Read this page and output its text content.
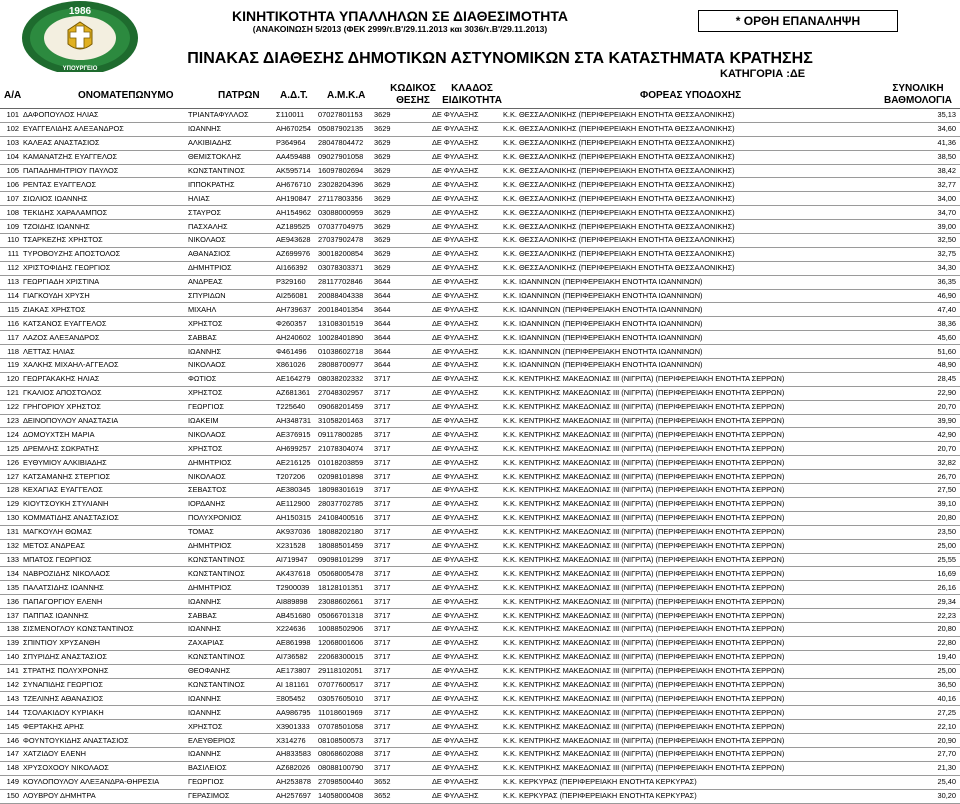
1986
ΥΠΟΥΡΓΕΙΟ
ΚΙΝΗΤΙΚΟΤΗΤΑ ΥΠΑΛΛΗΛΩΝ ΣΕ ΔΙΑΘΕΣΙΜΟΤΗΤΑ
(ΑΝΑΚΟΙΝΩΣΗ 5/2013 (ΦΕΚ 2999/τ.Β'/29.11.2013 και 3036/τ.Β'/29.11.2013)
* ΟΡΘΗ ΕΠΑΝΑΛΗΨΗ
ΠΙΝΑΚΑΣ ΔΙΑΘΕΣΗΣ ΔΗΜΟΤΙΚΩΝ ΑΣΤΥΝΟΜΙΚΩΝ ΣΤΑ ΚΑΤΑΣΤΗΜΑΤΑ ΚΡΑΤΗΣΗΣ
ΚΑΤΗΓΟΡΙΑ :ΔΕ
Α/Α	ΟΝΟΜΑΤΕΠΩΝΥΜΟ	ΠΑΤΡΩΝ Α.Δ.Τ. Α.Μ.Κ.Α
ΚΩΔΙΚΟΣ
ΘΕΣΗΣ
ΚΛΑΔΟΣ
ΕΙΔΙΚΟΤΗΤΑ	ΦΟΡΕΑΣ ΥΠΟΔΟΧΗΣ
ΣΥΝΟΛΙΚΗ
ΒΑΘΜΟΛΟΓΙΑ
101	ΔΑΦΟΠΟΥΛΟΣ ΗΛΙΑΣ	ΤΡΙΑΝΤΑΦΥΛΛΟΣ	Σ110011	07027801153	3629	ΔΕ ΦΥΛΑΞΗΣ	Κ.Κ. ΘΕΣΣΑΛΟΝΙΚΗΣ (ΠΕΡΙΦΕΡΕΙΑΚΗ ΕΝΟΤΗΤΑ ΘΕΣΣΑΛΟΝΙΚΗΣ)	35,13
102	ΕΥΑΓΓΕΛΙΔΗΣ ΑΛΕΞΑΝΔΡΟΣ	ΙΩΑΝΝΗΣ	ΑΗ670254	05087902135	3629	ΔΕ ΦΥΛΑΞΗΣ	Κ.Κ. ΘΕΣΣΑΛΟΝΙΚΗΣ (ΠΕΡΙΦΕΡΕΙΑΚΗ ΕΝΟΤΗΤΑ ΘΕΣΣΑΛΟΝΙΚΗΣ)	34,60
103	ΚΑΛΕΑΣ ΑΝΑΣΤΑΣΙΟΣ	ΑΛΚΙΒΙΑΔΗΣ	Ρ364964	28047804472	3629	ΔΕ ΦΥΛΑΞΗΣ	Κ.Κ. ΘΕΣΣΑΛΟΝΙΚΗΣ (ΠΕΡΙΦΕΡΕΙΑΚΗ ΕΝΟΤΗΤΑ ΘΕΣΣΑΛΟΝΙΚΗΣ)	41,36
104	ΚΑΜΑΝΑΤΖΗΣ ΕΥΑΓΓΕΛΟΣ	ΘΕΜΙΣΤΟΚΛΗΣ	ΑΑ459488	09027901058	3629	ΔΕ ΦΥΛΑΞΗΣ	Κ.Κ. ΘΕΣΣΑΛΟΝΙΚΗΣ (ΠΕΡΙΦΕΡΕΙΑΚΗ ΕΝΟΤΗΤΑ ΘΕΣΣΑΛΟΝΙΚΗΣ)	38,50
105	ΠΑΠΑΔΗΜΗΤΡΙΟΥ ΠΑΥΛΟΣ	ΚΩΝΣΤΑΝΤΙΝΟΣ	ΑΚ595714	16097802694	3629	ΔΕ ΦΥΛΑΞΗΣ	Κ.Κ. ΘΕΣΣΑΛΟΝΙΚΗΣ (ΠΕΡΙΦΕΡΕΙΑΚΗ ΕΝΟΤΗΤΑ ΘΕΣΣΑΛΟΝΙΚΗΣ)	38,42
106	ΡΕΝΤΑΣ ΕΥΑΓΓΕΛΟΣ	ΙΠΠΟΚΡΑΤΗΣ	ΑΗ676710	23028204396	3629	ΔΕ ΦΥΛΑΞΗΣ	Κ.Κ. ΘΕΣΣΑΛΟΝΙΚΗΣ (ΠΕΡΙΦΕΡΕΙΑΚΗ ΕΝΟΤΗΤΑ ΘΕΣΣΑΛΟΝΙΚΗΣ)	32,77
107	ΣΙΩΛΙΟΣ ΙΩΑΝΝΗΣ	ΗΛΙΑΣ	ΑΗ190847	27117803356	3629	ΔΕ ΦΥΛΑΞΗΣ	Κ.Κ. ΘΕΣΣΑΛΟΝΙΚΗΣ (ΠΕΡΙΦΕΡΕΙΑΚΗ ΕΝΟΤΗΤΑ ΘΕΣΣΑΛΟΝΙΚΗΣ)	34,00
108	ΤΕΚΙΔΗΣ ΧΑΡΑΛΑΜΠΟΣ	ΣΤΑΥΡΟΣ	ΑΗ154962	03088000959	3629	ΔΕ ΦΥΛΑΞΗΣ	Κ.Κ. ΘΕΣΣΑΛΟΝΙΚΗΣ (ΠΕΡΙΦΕΡΕΙΑΚΗ ΕΝΟΤΗΤΑ ΘΕΣΣΑΛΟΝΙΚΗΣ)	34,70
109	ΤΖΟΙΔΗΣ ΙΩΑΝΝΗΣ	ΠΑΣΧΑΛΗΣ	ΑΖ189525	07037704975	3629	ΔΕ ΦΥΛΑΞΗΣ	Κ.Κ. ΘΕΣΣΑΛΟΝΙΚΗΣ (ΠΕΡΙΦΕΡΕΙΑΚΗ ΕΝΟΤΗΤΑ ΘΕΣΣΑΛΟΝΙΚΗΣ)	39,00
110	ΤΣΑΡΚΕΖΗΣ ΧΡΗΣΤΟΣ	ΝΙΚΟΛΑΟΣ	ΑΕ943628	27037902478	3629	ΔΕ ΦΥΛΑΞΗΣ	Κ.Κ. ΘΕΣΣΑΛΟΝΙΚΗΣ (ΠΕΡΙΦΕΡΕΙΑΚΗ ΕΝΟΤΗΤΑ ΘΕΣΣΑΛΟΝΙΚΗΣ)	32,50
111	ΤΥΡΟΒΟΥΖΗΣ ΑΠΟΣΤΟΛΟΣ	ΑΘΑΝΑΣΙΟΣ	ΑΖ699976	30018200854	3629	ΔΕ ΦΥΛΑΞΗΣ	Κ.Κ. ΘΕΣΣΑΛΟΝΙΚΗΣ (ΠΕΡΙΦΕΡΕΙΑΚΗ ΕΝΟΤΗΤΑ ΘΕΣΣΑΛΟΝΙΚΗΣ)	32,75
112	ΧΡΙΣΤΟΦΙΔΗΣ ΓΕΩΡΓΙΟΣ	ΔΗΜΗΤΡΙΟΣ	ΑΙ166392	03078303371	3629	ΔΕ ΦΥΛΑΞΗΣ	Κ.Κ. ΘΕΣΣΑΛΟΝΙΚΗΣ (ΠΕΡΙΦΕΡΕΙΑΚΗ ΕΝΟΤΗΤΑ ΘΕΣΣΑΛΟΝΙΚΗΣ)	34,30
113	ΓΕΩΡΓΙΑΔΗ ΧΡΙΣΤΙΝΑ	ΑΝΔΡΕΑΣ	Ρ329160	28117702846	3644	ΔΕ ΦΥΛΑΞΗΣ	Κ.Κ. ΙΩΑΝΝΙΝΩΝ (ΠΕΡΙΦΕΡΕΙΑΚΗ ΕΝΟΤΗΤΑ ΙΩΑΝΝΙΝΩΝ)	36,35
114	ΓΙΑΓΚΟΥΔΗ ΧΡΥΣΗ	ΣΠΥΡΙΔΩΝ	ΑΙ256081	20088404338	3644	ΔΕ ΦΥΛΑΞΗΣ	Κ.Κ. ΙΩΑΝΝΙΝΩΝ (ΠΕΡΙΦΕΡΕΙΑΚΗ ΕΝΟΤΗΤΑ ΙΩΑΝΝΙΝΩΝ)	46,90
115	ΖΙΑΚΑΣ ΧΡΗΣΤΟΣ	ΜΙΧΑΗΛ	ΑΗ739637	20018401354	3644	ΔΕ ΦΥΛΑΞΗΣ	Κ.Κ. ΙΩΑΝΝΙΝΩΝ (ΠΕΡΙΦΕΡΕΙΑΚΗ ΕΝΟΤΗΤΑ ΙΩΑΝΝΙΝΩΝ)	47,40
116	ΚΑΤΣΑΝΟΣ ΕΥΑΓΓΕΛΟΣ	ΧΡΗΣΤΟΣ	Φ260357	13108301519	3644	ΔΕ ΦΥΛΑΞΗΣ	Κ.Κ. ΙΩΑΝΝΙΝΩΝ (ΠΕΡΙΦΕΡΕΙΑΚΗ ΕΝΟΤΗΤΑ ΙΩΑΝΝΙΝΩΝ)	38,36
117	ΛΑΖΟΣ ΑΛΕΞΑΝΔΡΟΣ	ΣΑΒΒΑΣ	ΑΗ240602	10028401890	3644	ΔΕ ΦΥΛΑΞΗΣ	Κ.Κ. ΙΩΑΝΝΙΝΩΝ (ΠΕΡΙΦΕΡΕΙΑΚΗ ΕΝΟΤΗΤΑ ΙΩΑΝΝΙΝΩΝ)	45,60
118	ΛΕΤΤΑΣ ΗΛΙΑΣ	ΙΩΑΝΝΗΣ	Φ461496	01038602718	3644	ΔΕ ΦΥΛΑΞΗΣ	Κ.Κ. ΙΩΑΝΝΙΝΩΝ (ΠΕΡΙΦΕΡΕΙΑΚΗ ΕΝΟΤΗΤΑ ΙΩΑΝΝΙΝΩΝ)	51,60
119	ΧΑΛΚΗΣ ΜΙΧΑΗΛ-ΑΓΓΕΛΟΣ	ΝΙΚΟΛΑΟΣ	Χ861026	28088700977	3644	ΔΕ ΦΥΛΑΞΗΣ	Κ.Κ. ΙΩΑΝΝΙΝΩΝ (ΠΕΡΙΦΕΡΕΙΑΚΗ ΕΝΟΤΗΤΑ ΙΩΑΝΝΙΝΩΝ)	48,90
120	ΓΕΩΡΓΑΚΑΚΗΣ ΗΛΙΑΣ	ΦΩΤΙΟΣ	ΑΕ164279	08038202332	3717	ΔΕ ΦΥΛΑΞΗΣ	Κ.Κ. ΚΕΝΤΡΙΚΗΣ ΜΑΚΕΔΟΝΙΑΣ ΙΙΙ (ΝΙΓΡΙΤΑ) (ΠΕΡΙΦΕΡΕΙΑΚΗ ΕΝΟΤΗΤΑ ΣΕΡΡΩΝ)	28,45
121	ΓΚΑΛΙΟΣ ΑΠΟΣΤΟΛΟΣ	ΧΡΗΣΤΟΣ	ΑΖ681361	27048302957	3717	ΔΕ ΦΥΛΑΞΗΣ	Κ.Κ. ΚΕΝΤΡΙΚΗΣ ΜΑΚΕΔΟΝΙΑΣ ΙΙΙ (ΝΙΓΡΙΤΑ) (ΠΕΡΙΦΕΡΕΙΑΚΗ ΕΝΟΤΗΤΑ ΣΕΡΡΩΝ)	22,90
122	ΓΡΗΓΟΡΙΟΥ ΧΡΗΣΤΟΣ	ΓΕΩΡΓΙΟΣ	Τ225640	09068201459	3717	ΔΕ ΦΥΛΑΞΗΣ	Κ.Κ. ΚΕΝΤΡΙΚΗΣ ΜΑΚΕΔΟΝΙΑΣ ΙΙΙ (ΝΙΓΡΙΤΑ) (ΠΕΡΙΦΕΡΕΙΑΚΗ ΕΝΟΤΗΤΑ ΣΕΡΡΩΝ)	20,70
123	ΔΕΙΝΟΠΟΥΛΟΥ ΑΝΑΣΤΑΣΙΑ	ΙΩΑΚΕΙΜ	ΑΗ348731	31058201463	3717	ΔΕ ΦΥΛΑΞΗΣ	Κ.Κ. ΚΕΝΤΡΙΚΗΣ ΜΑΚΕΔΟΝΙΑΣ ΙΙΙ (ΝΙΓΡΙΤΑ) (ΠΕΡΙΦΕΡΕΙΑΚΗ ΕΝΟΤΗΤΑ ΣΕΡΡΩΝ)	39,90
124	ΔΟΜΟΥΧΤΣΗ ΜΑΡΙΑ	ΝΙΚΟΛΑΟΣ	ΑΕ376915	09117800285	3717	ΔΕ ΦΥΛΑΞΗΣ	Κ.Κ. ΚΕΝΤΡΙΚΗΣ ΜΑΚΕΔΟΝΙΑΣ ΙΙΙ (ΝΙΓΡΙΤΑ) (ΠΕΡΙΦΕΡΕΙΑΚΗ ΕΝΟΤΗΤΑ ΣΕΡΡΩΝ)	42,90
125	ΔΡΕΜΛΗΣ ΣΩΚΡΑΤΗΣ	ΧΡΗΣΤΟΣ	ΑΗ699257	21078304074	3717	ΔΕ ΦΥΛΑΞΗΣ	Κ.Κ. ΚΕΝΤΡΙΚΗΣ ΜΑΚΕΔΟΝΙΑΣ ΙΙΙ (ΝΙΓΡΙΤΑ) (ΠΕΡΙΦΕΡΕΙΑΚΗ ΕΝΟΤΗΤΑ ΣΕΡΡΩΝ)	20,70
126	ΕΥΘΥΜΙΟΥ ΑΛΚΙΒΙΑΔΗΣ	ΔΗΜΗΤΡΙΟΣ	ΑΕ216125	01018203859	3717	ΔΕ ΦΥΛΑΞΗΣ	Κ.Κ. ΚΕΝΤΡΙΚΗΣ ΜΑΚΕΔΟΝΙΑΣ ΙΙΙ (ΝΙΓΡΙΤΑ) (ΠΕΡΙΦΕΡΕΙΑΚΗ ΕΝΟΤΗΤΑ ΣΕΡΡΩΝ)	32,82
127	ΚΑΤΣΑΜΑΝΗΣ ΣΤΕΡΓΙΟΣ	ΝΙΚΟΛΑΟΣ	Τ207206	02098101898	3717	ΔΕ ΦΥΛΑΞΗΣ	Κ.Κ. ΚΕΝΤΡΙΚΗΣ ΜΑΚΕΔΟΝΙΑΣ ΙΙΙ (ΝΙΓΡΙΤΑ) (ΠΕΡΙΦΕΡΕΙΑΚΗ ΕΝΟΤΗΤΑ ΣΕΡΡΩΝ)	26,70
128	ΚΕΧΑΓΙΑΣ ΕΥΑΓΓΕΛΟΣ	ΣΕΒΑΣΤΟΣ	ΑΕ380345	18098301619	3717	ΔΕ ΦΥΛΑΞΗΣ	Κ.Κ. ΚΕΝΤΡΙΚΗΣ ΜΑΚΕΔΟΝΙΑΣ ΙΙΙ (ΝΙΓΡΙΤΑ) (ΠΕΡΙΦΕΡΕΙΑΚΗ ΕΝΟΤΗΤΑ ΣΕΡΡΩΝ)	27,50
129	ΚΙΟΥΤΣΟΥΚΗ ΣΤΥΛΙΑΝΗ	ΙΟΡΔΑΝΗΣ	ΑΕ112900	28037702785	3717	ΔΕ ΦΥΛΑΞΗΣ	Κ.Κ. ΚΕΝΤΡΙΚΗΣ ΜΑΚΕΔΟΝΙΑΣ ΙΙΙ (ΝΙΓΡΙΤΑ) (ΠΕΡΙΦΕΡΕΙΑΚΗ ΕΝΟΤΗΤΑ ΣΕΡΡΩΝ)	39,10
130	ΚΟΜΜΑΤΙΔΗΣ ΑΝΑΣΤΑΣΙΟΣ	ΠΟΛΥΧΡΟΝΙΟΣ	ΑΗ150315	24108400516	3717	ΔΕ ΦΥΛΑΞΗΣ	Κ.Κ. ΚΕΝΤΡΙΚΗΣ ΜΑΚΕΔΟΝΙΑΣ ΙΙΙ (ΝΙΓΡΙΤΑ) (ΠΕΡΙΦΕΡΕΙΑΚΗ ΕΝΟΤΗΤΑ ΣΕΡΡΩΝ)	20,80
131	ΜΑΓΚΟΥΛΗ ΘΩΜΑΣ	ΤΟΜΑΣ	ΑΚ937036	18088202180	3717	ΔΕ ΦΥΛΑΞΗΣ	Κ.Κ. ΚΕΝΤΡΙΚΗΣ ΜΑΚΕΔΟΝΙΑΣ ΙΙΙ (ΝΙΓΡΙΤΑ) (ΠΕΡΙΦΕΡΕΙΑΚΗ ΕΝΟΤΗΤΑ ΣΕΡΡΩΝ)	23,50
132	ΜΕΤΟΣ ΑΝΔΡΕΑΣ	ΔΗΜΗΤΡΙΟΣ	Χ231528	18088501459	3717	ΔΕ ΦΥΛΑΞΗΣ	Κ.Κ. ΚΕΝΤΡΙΚΗΣ ΜΑΚΕΔΟΝΙΑΣ ΙΙΙ (ΝΙΓΡΙΤΑ) (ΠΕΡΙΦΕΡΕΙΑΚΗ ΕΝΟΤΗΤΑ ΣΕΡΡΩΝ)	25,00
133	ΜΠΑΤΟΣ ΓΕΩΡΓΙΟΣ	ΚΩΝΣΤΑΝΤΙΝΟΣ	ΑΙ719947	09098101299	3717	ΔΕ ΦΥΛΑΞΗΣ	Κ.Κ. ΚΕΝΤΡΙΚΗΣ ΜΑΚΕΔΟΝΙΑΣ ΙΙΙ (ΝΙΓΡΙΤΑ) (ΠΕΡΙΦΕΡΕΙΑΚΗ ΕΝΟΤΗΤΑ ΣΕΡΡΩΝ)	25,55
134	ΝΑΒΡΟΖΙΔΗΣ ΝΙΚΟΛΑΟΣ	ΚΩΝΣΤΑΝΤΙΝΟΣ	ΑΚ437618	05068005478	3717	ΔΕ ΦΥΛΑΞΗΣ	Κ.Κ. ΚΕΝΤΡΙΚΗΣ ΜΑΚΕΔΟΝΙΑΣ ΙΙΙ (ΝΙΓΡΙΤΑ) (ΠΕΡΙΦΕΡΕΙΑΚΗ ΕΝΟΤΗΤΑ ΣΕΡΡΩΝ)	16,69
135	ΠΑΛΑΤΣΙΔΗΣ ΙΩΑΝΝΗΣ	ΔΗΜΗΤΡΙΟΣ	Τ2900039	18128101351	3717	ΔΕ ΦΥΛΑΞΗΣ	Κ.Κ. ΚΕΝΤΡΙΚΗΣ ΜΑΚΕΔΟΝΙΑΣ ΙΙΙ (ΝΙΓΡΙΤΑ) (ΠΕΡΙΦΕΡΕΙΑΚΗ ΕΝΟΤΗΤΑ ΣΕΡΡΩΝ)	26,16
136	ΠΑΠΑΓΟΡΓΙΟΥ ΕΛΕΝΗ	ΙΩΑΝΝΗΣ	ΑΙ889898	23088602661	3717	ΔΕ ΦΥΛΑΞΗΣ	Κ.Κ. ΚΕΝΤΡΙΚΗΣ ΜΑΚΕΔΟΝΙΑΣ ΙΙΙ (ΝΙΓΡΙΤΑ) (ΠΕΡΙΦΕΡΕΙΑΚΗ ΕΝΟΤΗΤΑ ΣΕΡΡΩΝ)	29,34
137	ΠΑΠΠΑΣ ΙΩΑΝΝΗΣ	ΣΑΒΒΑΣ	ΑΒ451680	05066701318	3717	ΔΕ ΦΥΛΑΞΗΣ	Κ.Κ. ΚΕΝΤΡΙΚΗΣ ΜΑΚΕΔΟΝΙΑΣ ΙΙΙ (ΝΙΓΡΙΤΑ) (ΠΕΡΙΦΕΡΕΙΑΚΗ ΕΝΟΤΗΤΑ ΣΕΡΡΩΝ)	22,23
138	ΣΙΣΜΕΝΟΓΛΟΥ ΚΩΝΣΤΑΝΤΙΝΟΣ	ΙΩΑΝΝΗΣ	Χ224636	10088502906	3717	ΔΕ ΦΥΛΑΞΗΣ	Κ.Κ. ΚΕΝΤΡΙΚΗΣ ΜΑΚΕΔΟΝΙΑΣ ΙΙΙ (ΝΙΓΡΙΤΑ) (ΠΕΡΙΦΕΡΕΙΑΚΗ ΕΝΟΤΗΤΑ ΣΕΡΡΩΝ)	20,80
139	ΣΠΙΝΤΙΟΥ ΧΡΥΣΑΝΘΗ	ΖΑΧΑΡΙΑΣ	ΑΕ861998	12068001606	3717	ΔΕ ΦΥΛΑΞΗΣ	Κ.Κ. ΚΕΝΤΡΙΚΗΣ ΜΑΚΕΔΟΝΙΑΣ ΙΙΙ (ΝΙΓΡΙΤΑ) (ΠΕΡΙΦΕΡΕΙΑΚΗ ΕΝΟΤΗΤΑ ΣΕΡΡΩΝ)	22,80
140	ΣΠΥΡΙΔΗΣ ΑΝΑΣΤΑΣΙΟΣ	ΚΩΝΣΤΑΝΤΙΝΟΣ	ΑΙ736582	22068300015	3717	ΔΕ ΦΥΛΑΞΗΣ	Κ.Κ. ΚΕΝΤΡΙΚΗΣ ΜΑΚΕΔΟΝΙΑΣ ΙΙΙ (ΝΙΓΡΙΤΑ) (ΠΕΡΙΦΕΡΕΙΑΚΗ ΕΝΟΤΗΤΑ ΣΕΡΡΩΝ)	19,40
141	ΣΤΡΑΤΗΣ ΠΟΛΥΧΡΟΝΗΣ	ΘΕΟΦΑΝΗΣ	ΑΕ173807	29118102051	3717	ΔΕ ΦΥΛΑΞΗΣ	Κ.Κ. ΚΕΝΤΡΙΚΗΣ ΜΑΚΕΔΟΝΙΑΣ ΙΙΙ (ΝΙΓΡΙΤΑ) (ΠΕΡΙΦΕΡΕΙΑΚΗ ΕΝΟΤΗΤΑ ΣΕΡΡΩΝ)	25,00
142	ΣΥΝΑΠΙΔΗΣ ΓΕΩΡΓΙΟΣ	ΚΩΝΣΤΑΝΤΙΝΟΣ	ΑΙ 181161	07077600517	3717	ΔΕ ΦΥΛΑΞΗΣ	Κ.Κ. ΚΕΝΤΡΙΚΗΣ ΜΑΚΕΔΟΝΙΑΣ ΙΙΙ (ΝΙΓΡΙΤΑ) (ΠΕΡΙΦΕΡΕΙΑΚΗ ΕΝΟΤΗΤΑ ΣΕΡΡΩΝ)	36,50
143	ΤΖΕΛΙΝΗΣ ΑΘΑΝΑΣΙΟΣ	ΙΩΑΝΝΗΣ	Ξ805452	03057605010	3717	ΔΕ ΦΥΛΑΞΗΣ	Κ.Κ. ΚΕΝΤΡΙΚΗΣ ΜΑΚΕΔΟΝΙΑΣ ΙΙΙ (ΝΙΓΡΙΤΑ) (ΠΕΡΙΦΕΡΕΙΑΚΗ ΕΝΟΤΗΤΑ ΣΕΡΡΩΝ)	40,16
144	ΤΣΟΛΑΚΙΔΟΥ ΚΥΡΙΑΚΗ	ΙΩΑΝΝΗΣ	ΑΑ986795	11018601969	3717	ΔΕ ΦΥΛΑΞΗΣ	Κ.Κ. ΚΕΝΤΡΙΚΗΣ ΜΑΚΕΔΟΝΙΑΣ ΙΙΙ (ΝΙΓΡΙΤΑ) (ΠΕΡΙΦΕΡΕΙΑΚΗ ΕΝΟΤΗΤΑ ΣΕΡΡΩΝ)	27,25
145	ΦΕΡΤΑΚΗΣ ΑΡΗΣ	ΧΡΗΣΤΟΣ	Χ3901333	07078501058	3717	ΔΕ ΦΥΛΑΞΗΣ	Κ.Κ. ΚΕΝΤΡΙΚΗΣ ΜΑΚΕΔΟΝΙΑΣ ΙΙΙ (ΝΙΓΡΙΤΑ) (ΠΕΡΙΦΕΡΕΙΑΚΗ ΕΝΟΤΗΤΑ ΣΕΡΡΩΝ)	22,10
146	ΦΟΥΝΤΟΥΚΙΔΗΣ ΑΝΑΣΤΑΣΙΟΣ	ΕΛΕΥΘΕΡΙΟΣ	Χ314276	08108500573	3717	ΔΕ ΦΥΛΑΞΗΣ	Κ.Κ. ΚΕΝΤΡΙΚΗΣ ΜΑΚΕΔΟΝΙΑΣ ΙΙΙ (ΝΙΓΡΙΤΑ) (ΠΕΡΙΦΕΡΕΙΑΚΗ ΕΝΟΤΗΤΑ ΣΕΡΡΩΝ)	20,90
147	ΧΑΤΖΙΔΟΥ ΕΛΕΝΗ	ΙΩΑΝΝΗΣ	ΑΗ833583	08068602088	3717	ΔΕ ΦΥΛΑΞΗΣ	Κ.Κ. ΚΕΝΤΡΙΚΗΣ ΜΑΚΕΔΟΝΙΑΣ ΙΙΙ (ΝΙΓΡΙΤΑ) (ΠΕΡΙΦΕΡΕΙΑΚΗ ΕΝΟΤΗΤΑ ΣΕΡΡΩΝ)	27,70
148	ΧΡΥΣΟΧΟΟΥ ΝΙΚΟΛΑΟΣ	ΒΑΣΙΛΕΙΟΣ	ΑΖ682026	08088100790	3717	ΔΕ ΦΥΛΑΞΗΣ	Κ.Κ. ΚΕΝΤΡΙΚΗΣ ΜΑΚΕΔΟΝΙΑΣ ΙΙΙ (ΝΙΓΡΙΤΑ) (ΠΕΡΙΦΕΡΕΙΑΚΗ ΕΝΟΤΗΤΑ ΣΕΡΡΩΝ)	21,30
149	ΚΟΥΛΟΠΟΥΛΟΥ ΑΛΕΞΑΝΔΡΑ-ΘΗΡΕΣΙΑ	ΓΕΩΡΓΙΟΣ	ΑΗ253878	27098500440	3652	ΔΕ ΦΥΛΑΞΗΣ	Κ.Κ. ΚΕΡΚΥΡΑΣ (ΠΕΡΙΦΕΡΕΙΑΚΗ ΕΝΟΤΗΤΑ ΚΕΡΚΥΡΑΣ)	25,40
150	ΛΟΥΒΡΟΥ ΔΗΜΗΤΡΑ	ΓΕΡΑΣΙΜΟΣ	ΑΗ257697	14058000408	3652	ΔΕ ΦΥΛΑΞΗΣ	Κ.Κ. ΚΕΡΚΥΡΑΣ (ΠΕΡΙΦΕΡΕΙΑΚΗ ΕΝΟΤΗΤΑ ΚΕΡΚΥΡΑΣ)	30,20
